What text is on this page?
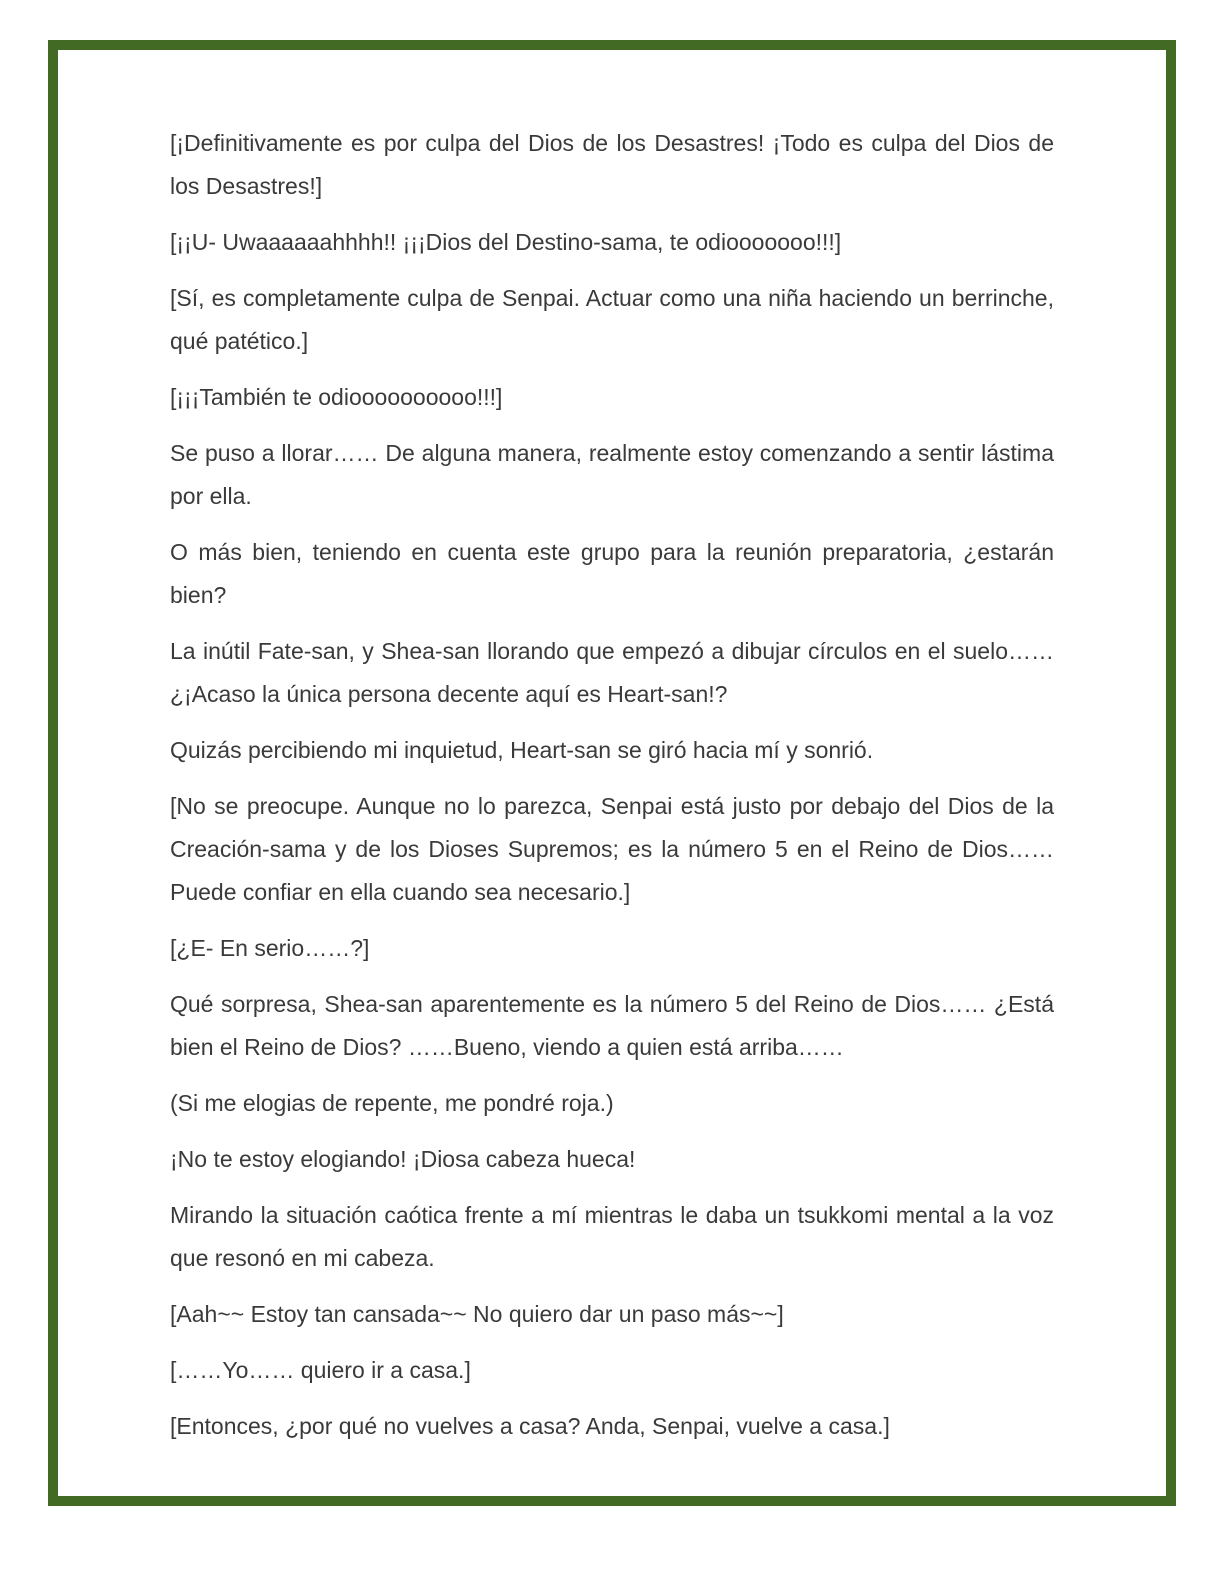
[¡Definitivamente es por culpa del Dios de los Desastres! ¡Todo es culpa del Dios de los Desastres!]

[¡¡U- Uwaaaaaahhhh!! ¡¡¡Dios del Destino-sama, te odiooooooo!!!]

[Sí, es completamente culpa de Senpai. Actuar como una niña haciendo un berrinche, qué patético.]

[¡¡¡También te odioooooooooo!!!]

Se puso a llorar…… De alguna manera, realmente estoy comenzando a sentir lástima por ella.

O más bien, teniendo en cuenta este grupo para la reunión preparatoria, ¿estarán bien?

La inútil Fate-san, y Shea-san llorando que empezó a dibujar círculos en el suelo…… ¿¡Acaso la única persona decente aquí es Heart-san!?

Quizás percibiendo mi inquietud, Heart-san se giró hacia mí y sonrió.

[No se preocupe. Aunque no lo parezca, Senpai está justo por debajo del Dios de la Creación-sama y de los Dioses Supremos; es la número 5 en el Reino de Dios…… Puede confiar en ella cuando sea necesario.]

[¿E- En serio……?]

Qué sorpresa, Shea-san aparentemente es la número 5 del Reino de Dios…… ¿Está bien el Reino de Dios? ……Bueno, viendo a quien está arriba……

(Si me elogias de repente, me pondré roja.)

¡No te estoy elogiando! ¡Diosa cabeza hueca!

Mirando la situación caótica frente a mí mientras le daba un tsukkomi mental a la voz que resonó en mi cabeza.

[Aah~~ Estoy tan cansada~~ No quiero dar un paso más~~]

[……Yo…… quiero ir a casa.]

[Entonces, ¿por qué no vuelves a casa? Anda, Senpai, vuelve a casa.]
